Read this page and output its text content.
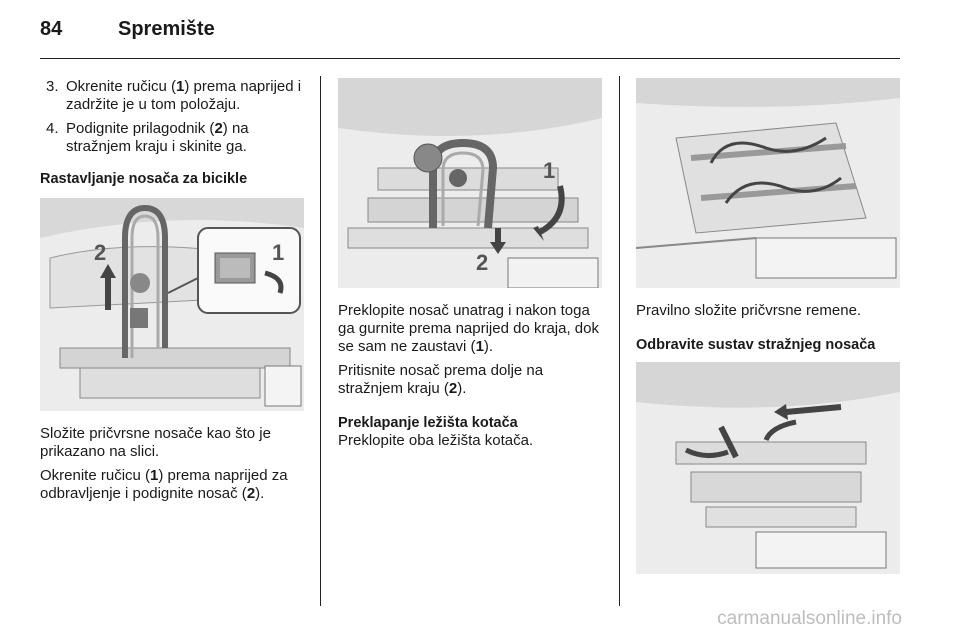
84	Spremište
3. Okrenite ručicu (1) prema naprijed i zadržite je u tom položaju.
4. Podignite prilagodnik (2) na stražnjem kraju i skinite ga.

Rastavljanje nosača za bicikle

2	1

Složite pričvrsne nosače kao što je prikazano na slici.

Okrenite ručicu (1) prema naprijed za odbravljenje i podignite nosač (2).

1
2

Preklopite nosač unatrag i nakon toga ga gurnite prema naprijed do kraja, dok se sam ne zaustavi (1).

Pritisnite nosač prema dolje na stražnjem kraju (2).

Preklapanje ležišta kotača

Preklopite oba ležišta kotača.

Pravilno složite pričvrsne remene.

Odbravite sustav stražnjeg nosača

carmanualsonline.info
